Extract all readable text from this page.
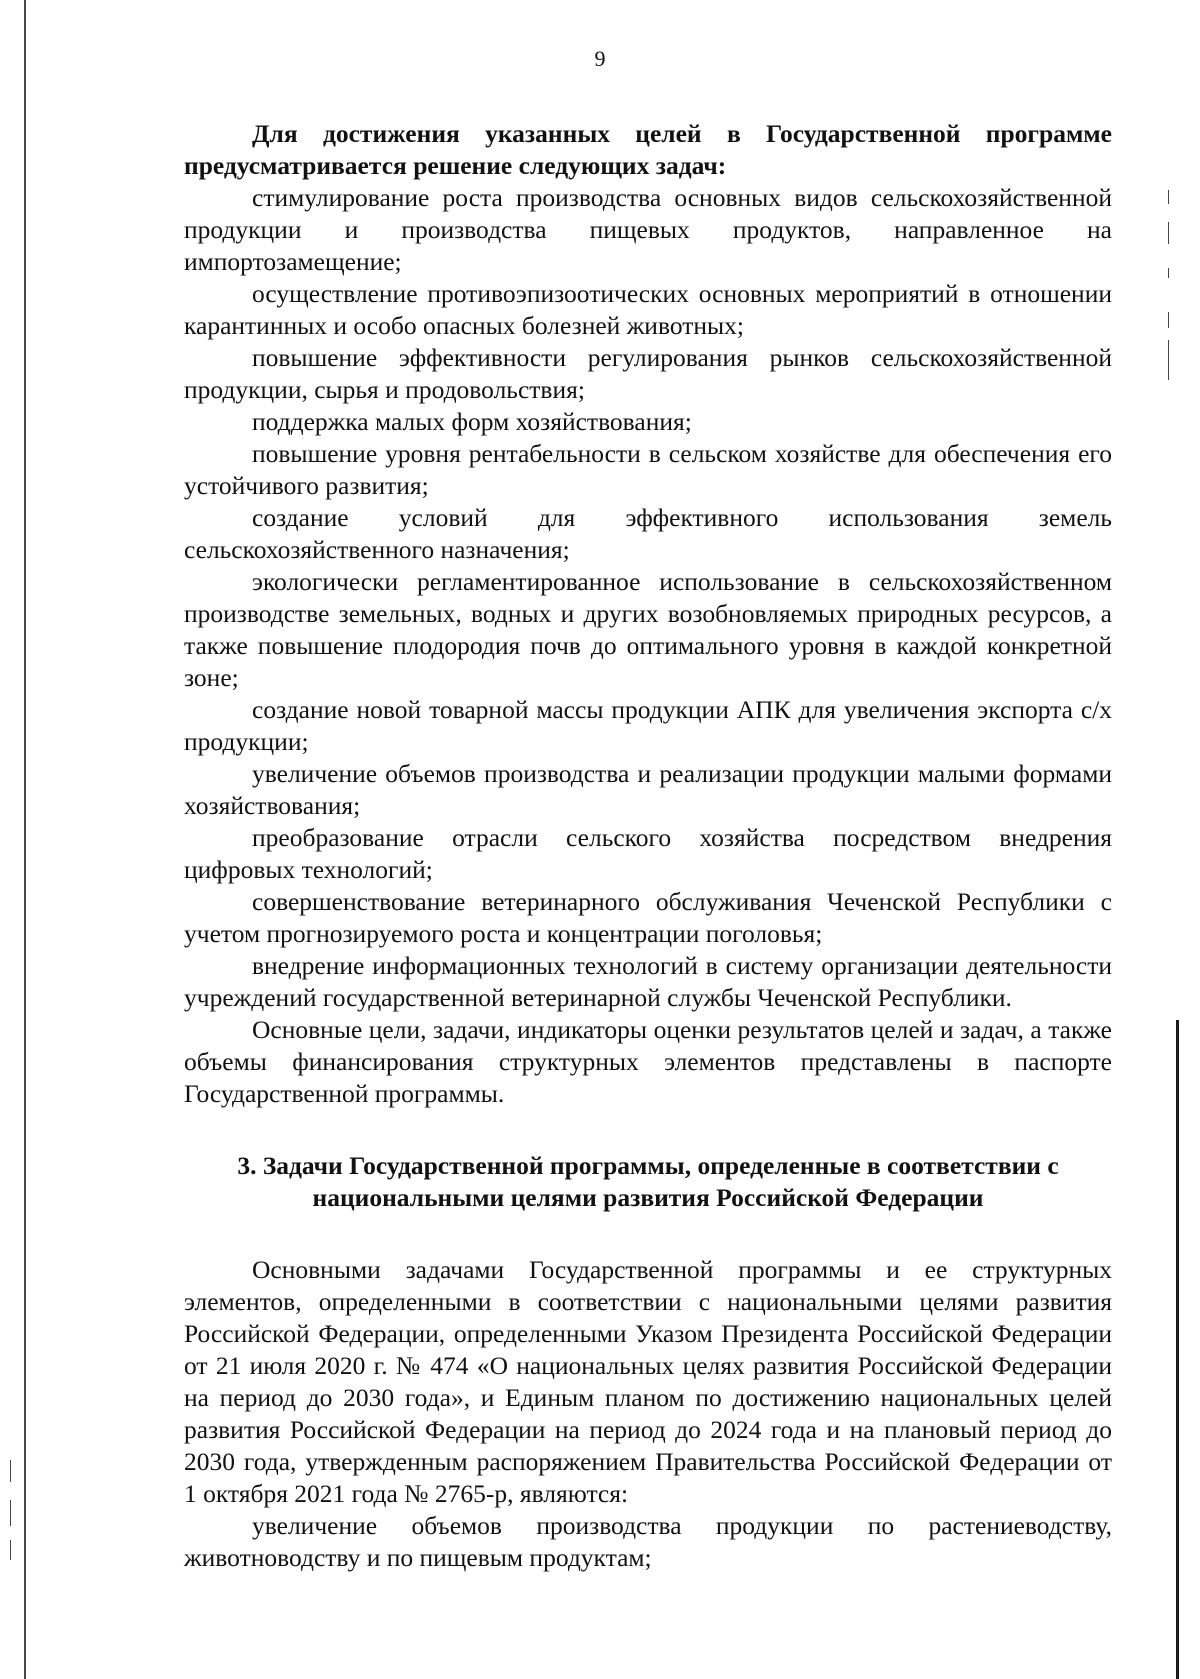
9

Для достижения указанных целей в Государственной программе предусматривается решение следующих задач:

стимулирование роста производства основных видов сельскохозяйственной продукции и производства пищевых продуктов, направленное на импортозамещение;

осуществление противоэпизоотических основных мероприятий в отношении карантинных и особо опасных болезней животных;

повышение эффективности регулирования рынков сельскохозяйственной продукции, сырья и продовольствия;

поддержка малых форм хозяйствования;

повышение уровня рентабельности в сельском хозяйстве для обеспечения его устойчивого развития;

создание условий для эффективного использования земель сельскохозяйственного назначения;

экологически регламентированное использование в сельскохозяйственном производстве земельных, водных и других возобновляемых природных ресурсов, а также повышение плодородия почв до оптимального уровня в каждой конкретной зоне;

создание новой товарной массы продукции АПК для увеличения экспорта с/х продукции;

увеличение объемов производства и реализации продукции малыми формами хозяйствования;

преобразование отрасли сельского хозяйства посредством внедрения цифровых технологий;

совершенствование ветеринарного обслуживания Чеченской Республики с учетом прогнозируемого роста и концентрации поголовья;

внедрение информационных технологий в систему организации деятельности учреждений государственной ветеринарной службы Чеченской Республики.

Основные цели, задачи, индикаторы оценки результатов целей и задач, а также объемы финансирования структурных элементов представлены в паспорте Государственной программы.

3. Задачи Государственной программы, определенные в соответствии с национальными целями развития Российской Федерации

Основными задачами Государственной программы и ее структурных элементов, определенными в соответствии с национальными целями развития Российской Федерации, определенными Указом Президента Российской Федерации от 21 июля 2020 г. № 474 «О национальных целях развития Российской Федерации на период до 2030 года», и Единым планом по достижению национальных целей развития Российской Федерации на период до 2024 года и на плановый период до 2030 года, утвержденным распоряжением Правительства Российской Федерации от 1 октября 2021 года № 2765-р, являются:

увеличение объемов производства продукции по растениеводству, животноводству и по пищевым продуктам;
